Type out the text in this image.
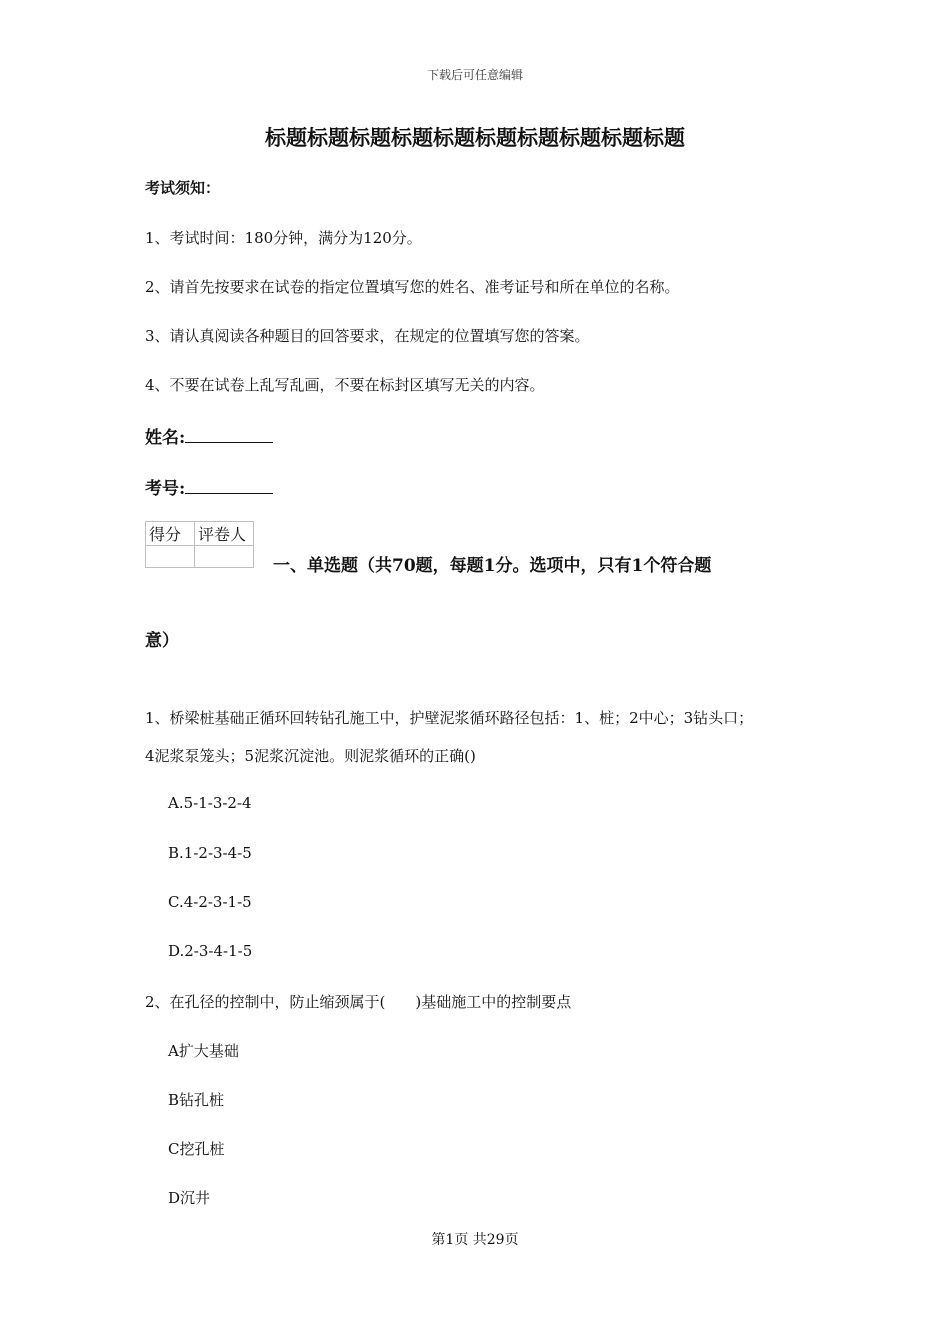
下载后可任意编辑
标题标题标题标题标题标题标题标题标题标题
考试须知：
1、考试时间：180分钟，满分为120分。
2、请首先按要求在试卷的指定位置填写您的姓名、准考证号和所在单位的名称。
3、请认真阅读各种题目的回答要求，在规定的位置填写您的答案。
4、不要在试卷上乱写乱画，不要在标封区填写无关的内容。
姓名:
考号:
得分	评卷人

一、单选题（共70题，每题1分。选项中，只有1个符合题
意）
1、桥梁桩基础正循环回转钻孔施工中，护壁泥浆循环路径包括：1、桩；2中心；3钻头口；
4泥浆泵笼头；5泥浆沉淀池。则泥浆循环的正确()
A.5-1-3-2-4
B.1-2-3-4-5
C.4-2-3-1-5
D.2-3-4-1-5
2、在孔径的控制中，防止缩颈属于(　　)基础施工中的控制要点
A扩大基础
B钻孔桩
C挖孔桩
D沉井
第1页 共29页
